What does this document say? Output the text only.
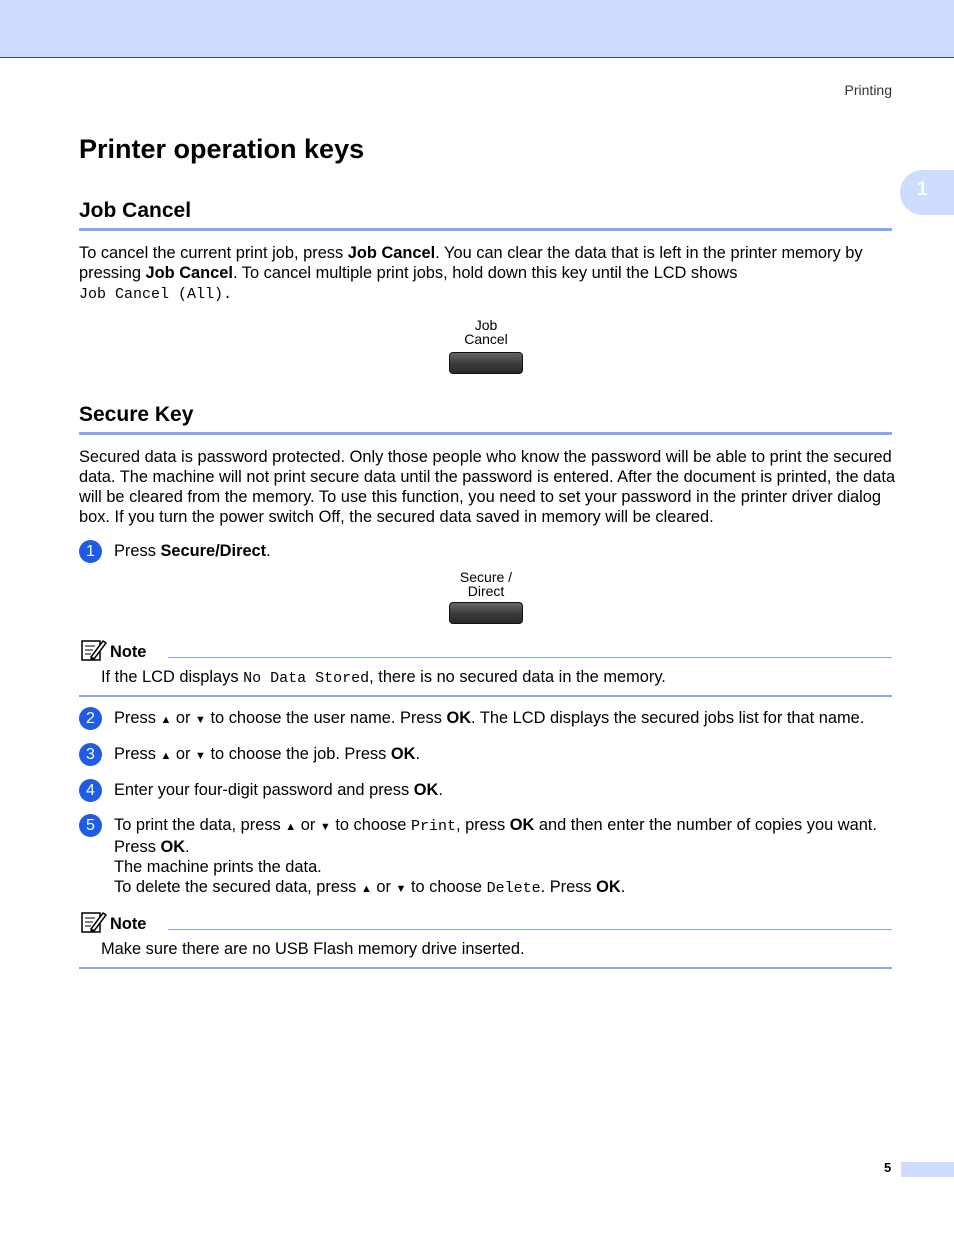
Printing
1
Printer operation keys
Job Cancel
To cancel the current print job, press Job Cancel. You can clear the data that is left in the printer memory by pressing Job Cancel. To cancel multiple print jobs, hold down this key until the LCD shows
Job Cancel (All).
Job
Cancel
Secure Key
Secured data is password protected. Only those people who know the password will be able to print the secured data. The machine will not print secure data until the password is entered. After the document is printed, the data will be cleared from the memory. To use this function, you need to set your password in the printer driver dialog box. If you turn the power switch Off, the secured data saved in memory will be cleared.
1	Press Secure/Direct.
Secure /
Direct
Note
If the LCD displays No Data Stored, there is no secured data in the memory.
2	Press ▲ or ▼ to choose the user name. Press OK. The LCD displays the secured jobs list for that name.
3	Press ▲ or ▼ to choose the job. Press OK.
4	Enter your four-digit password and press OK.
5	To print the data, press ▲ or ▼ to choose Print, press OK and then enter the number of copies you want.
Press OK.
The machine prints the data.
To delete the secured data, press ▲ or ▼ to choose Delete. Press OK.
Note
Make sure there are no USB Flash memory drive inserted.
5
